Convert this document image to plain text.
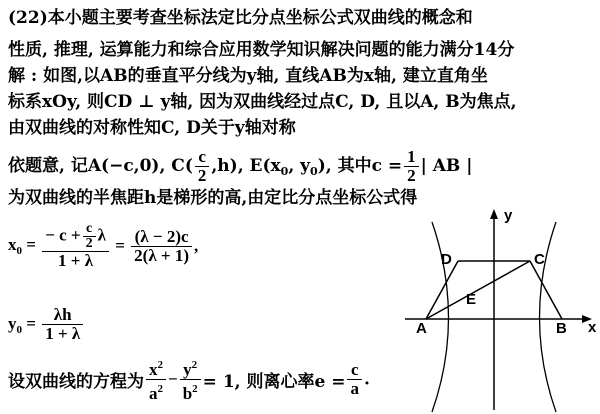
(22)本小题主要考查坐标法定比分点坐标公式双曲线的概念和
性质, 推理, 运算能力和综合应用数学知识解决问题的能力满分14分
解 : 如图,以AB的垂直平分线为y轴, 直线AB为x轴, 建立直角坐
标系xOy, 则CD ⊥ y轴, 因为双曲线经过点C, D, 且以A, B为焦点,
由双曲线的对称性知C, D关于y轴对称
依题意, 记A(−c,0), $C( \frac{c}{2} ,h)$, $E(x_0$, $y_0$), 其中$c = \frac{1}{2}$ | AB |
为双曲线的半焦距h是梯形的高,由定比分点坐标公式得
$x_0 = \frac{- c + \frac{c}{2} \lambda}{1 + \lambda} = \frac{(\lambda - 2)c}{2(\lambda + 1)}$ ,
$y_0 = \frac{\lambda h}{1 + \lambda}$
设双曲线的方程为 $\frac{x^2}{a^2} - \frac{y^2}{b^2} = 1$, 则离心率$e = \frac{c}{a}$ .
x
y
A	B
C
D
E
